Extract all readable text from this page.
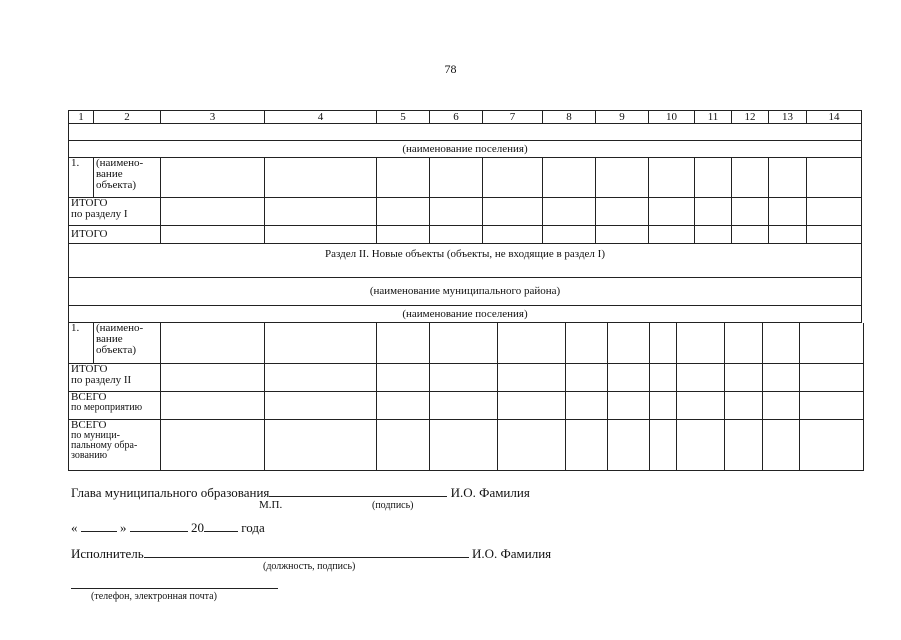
78
1	2	3	4	5	6	7	8	9	10	11	12	13	14

(наименование поселения)													
1.	(наимено-
вание
объекта)												

ИТОГО
по разделу I													

ИТОГО													
Раздел II. Новые объекты (объекты, не входящие в раздел I)													
(наименование муниципального района)													
(наименование поселения)													
1.	(наимено-
вание
объекта)												

ИТОГО
по разделу II													

ВСЕГО
по мероприятию													

ВСЕГО
по муници-
пальному обра-
зованию													

Глава муниципального образования	И.О. Фамилия
М.П.	(подпись)
«	»	20	года
Исполнитель	И.О. Фамилия
(должность, подпись)
(телефон, электронная почта)
